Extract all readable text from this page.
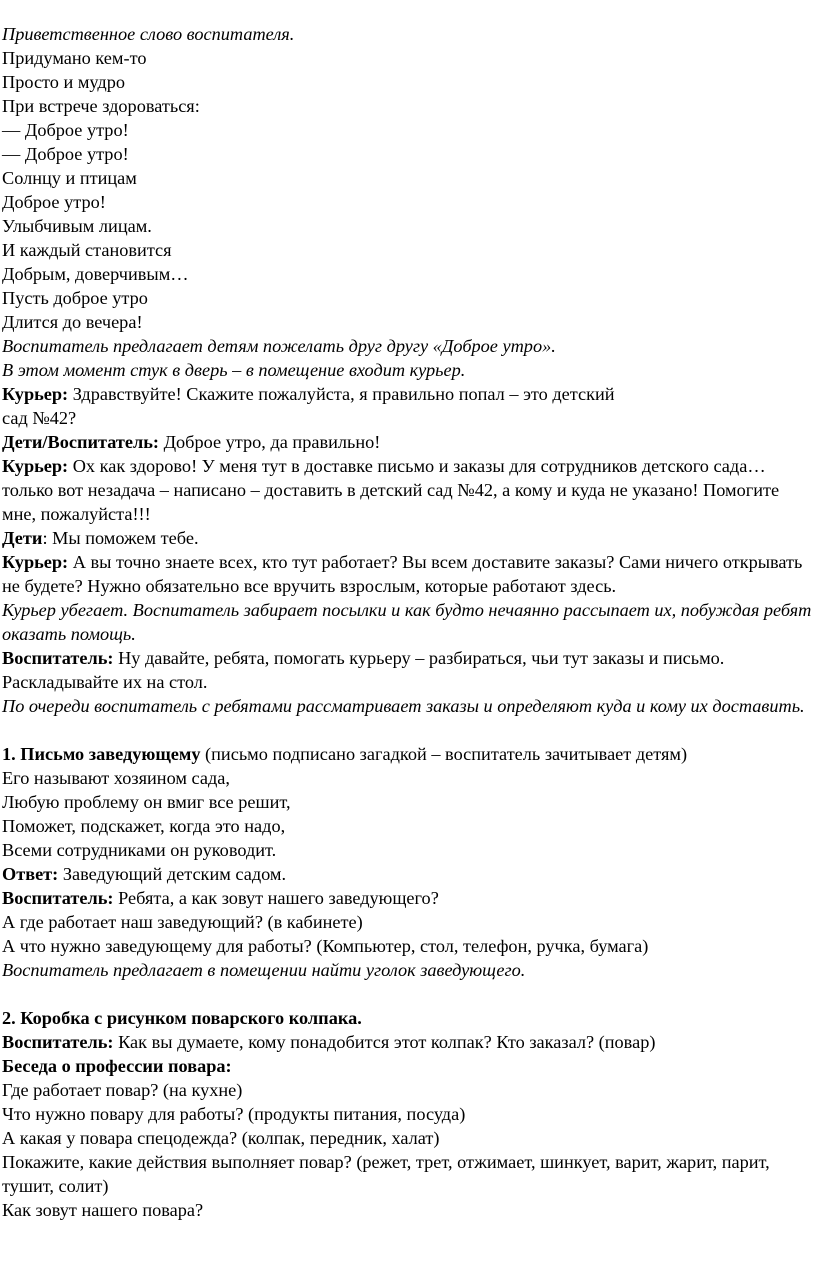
Приветственное слово воспитателя.

Придумано кем-то

Просто и мудро

При встрече здороваться:

— Доброе утро!

— Доброе утро!

Солнцу и птицам

Доброе утро!

Улыбчивым лицам.

И каждый становится

Добрым, доверчивым…

Пусть доброе утро

Длится до вечера!

Воспитатель предлагает детям пожелать друг другу «Доброе утро».

В этом момент стук в дверь – в помещение входит курьер.

Курьер: Здравствуйте! Скажите пожалуйста, я правильно попал – это детский

сад №42?

Дети/Воспитатель: Доброе утро, да правильно!

Курьер: Ох как здорово! У меня тут в доставке письмо и заказы для сотрудников детского сада… только вот незадача – написано – доставить в детский сад №42, а кому и куда не указано! Помогите мне, пожалуйста!!!

Дети: Мы поможем тебе.

Курьер: А вы точно знаете всех, кто тут работает? Вы всем доставите заказы? Сами ничего открывать не будете? Нужно обязательно все вручить взрослым, которые работают здесь.

Курьер убегает. Воспитатель забирает посылки и как будто нечаянно рассыпает их, побуждая ребят оказать помощь.

Воспитатель: Ну давайте, ребята, помогать курьеру – разбираться, чьи тут заказы и письмо. Раскладывайте их на стол.

По очереди воспитатель с ребятами рассматривает заказы и определяют куда и кому их доставить.

1. Письмо заведующему (письмо подписано загадкой – воспитатель зачитывает детям)

Его называют хозяином сада,

Любую проблему он вмиг все решит,

Поможет, подскажет, когда это надо,

Всеми сотрудниками он руководит.

Ответ: Заведующий детским садом.

Воспитатель: Ребята, а как зовут нашего заведующего?

А где работает наш заведующий? (в кабинете)

А что нужно заведующему для работы? (Компьютер, стол, телефон, ручка, бумага)

Воспитатель предлагает в помещении найти уголок заведующего.

2. Коробка с рисунком поварского колпака.

Воспитатель: Как вы думаете, кому понадобится этот колпак? Кто заказал? (повар)

Беседа о профессии повара:

Где работает повар? (на кухне)

Что нужно повару для работы? (продукты питания, посуда)

А какая у повара спецодежда? (колпак, передник, халат)

Покажите, какие действия выполняет повар? (режет, трет, отжимает, шинкует, варит, жарит, парит, тушит, солит)

Как зовут нашего повара?
